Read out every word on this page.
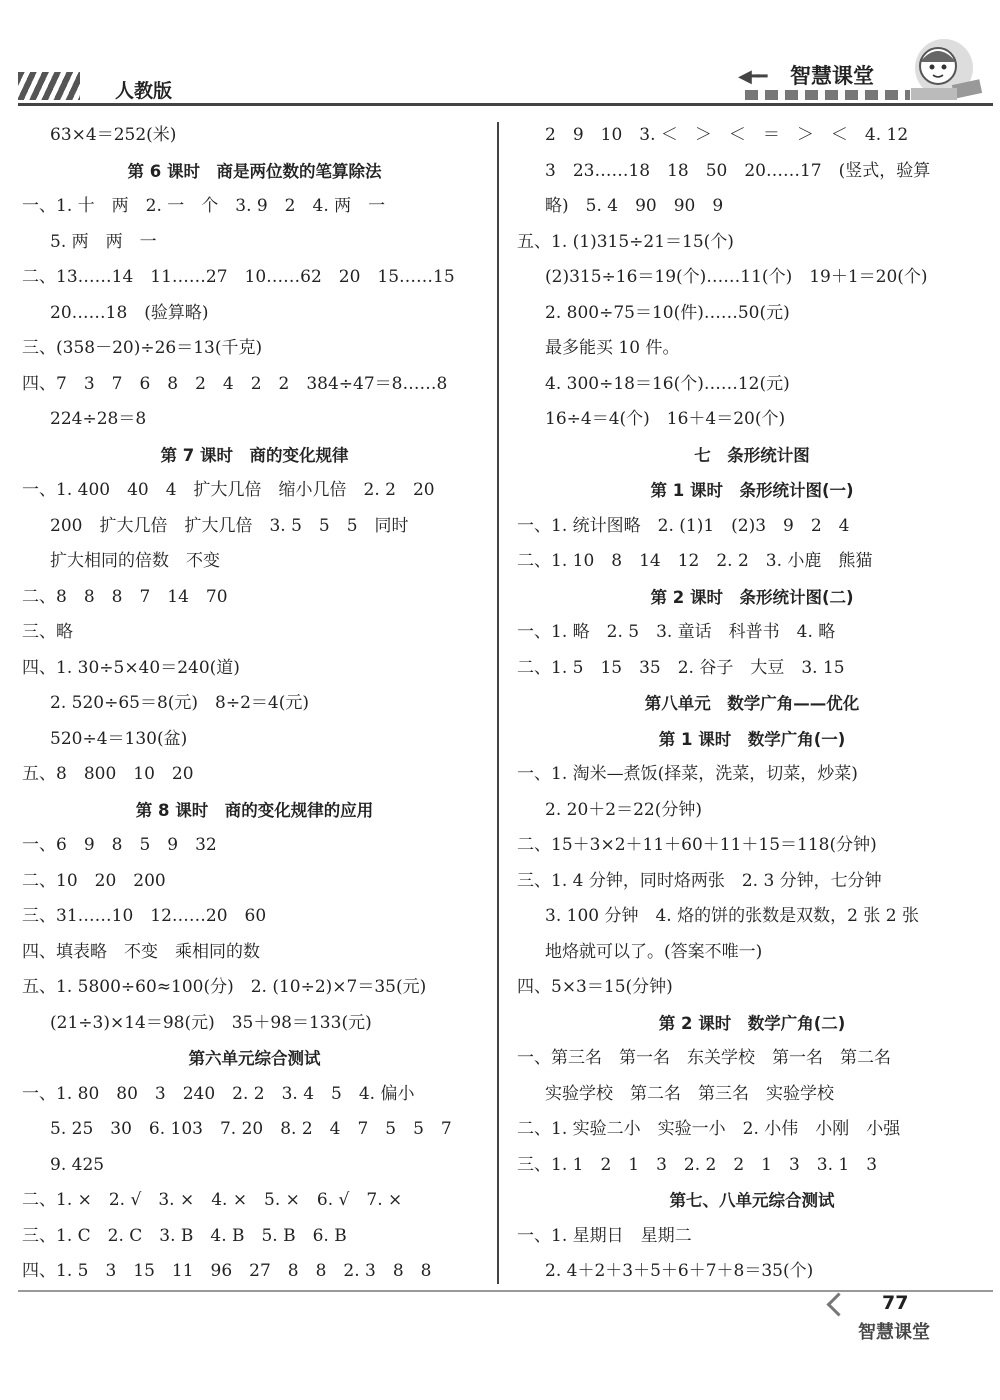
人教版
◀━━ 智慧课堂
63×4＝252(米)
第 6 课时　商是两位数的笔算除法
一、1. 十　两　2. 一　个　3. 9　2　4. 两　一
5. 两　两　一
二、13……14　11……27　10……62　20　15……15
20……18　(验算略)
三、(358－20)÷26＝13(千克)
四、7　3　7　6　8　2　4　2　2　384÷47＝8……8
224÷28＝8
第 7 课时　商的变化规律
一、1. 400　40　4　扩大几倍　缩小几倍　2. 2　20
200　扩大几倍　扩大几倍　3. 5　5　5　同时
扩大相同的倍数　不变
二、8　8　8　7　14　70
三、略
四、1. 30÷5×40＝240(道)
2. 520÷65＝8(元)　8÷2＝4(元)
520÷4＝130(盆)
五、8　800　10　20
第 8 课时　商的变化规律的应用
一、6　9　8　5　9　32
二、10　20　200
三、31……10　12……20　60
四、填表略　不变　乘相同的数
五、1. 5800÷60≈100(分)　2. (10÷2)×7＝35(元)
(21÷3)×14＝98(元)　35＋98＝133(元)
第六单元综合测试
一、1. 80　80　3　240　2. 2　3. 4　5　4. 偏小
5. 25　30　6. 103　7. 20　8. 2　4　7　5　5　7
9. 425
二、1. ×　2. √　3. ×　4. ×　5. ×　6. √　7. ×
三、1. C　2. C　3. B　4. B　5. B　6. B
四、1. 5　3　15　11　96　27　8　8　2. 3　8　8
2　9　10　3. ＜　＞　＜　＝　＞　＜　4. 12
3　23……18　18　50　20……17　(竖式，验算
略)　5. 4　90　90　9
五、1. (1)315÷21＝15(个)
(2)315÷16＝19(个)……11(个)　19＋1＝20(个)
2. 800÷75＝10(件)……50(元)
最多能买 10 件。
4. 300÷18＝16(个)……12(元)
16÷4＝4(个)　16＋4＝20(个)
七　条形统计图
第 1 课时　条形统计图(一)
一、1. 统计图略　2. (1)1　(2)3　9　2　4
二、1. 10　8　14　12　2. 2　3. 小鹿　熊猫
第 2 课时　条形统计图(二)
一、1. 略　2. 5　3. 童话　科普书　4. 略
二、1. 5　15　35　2. 谷子　大豆　3. 15
第八单元　数学广角——优化
第 1 课时　数学广角(一)
一、1. 淘米—煮饭(择菜，洗菜，切菜，炒菜)
2. 20＋2＝22(分钟)
二、15＋3×2＋11＋60＋11＋15＝118(分钟)
三、1. 4 分钟，同时烙两张　2. 3 分钟，七分钟
3. 100 分钟　4. 烙的饼的张数是双数，2 张 2 张
地烙就可以了。(答案不唯一)
四、5×3＝15(分钟)
第 2 课时　数学广角(二)
一、第三名　第一名　东关学校　第一名　第二名
实验学校　第二名　第三名　实验学校
二、1. 实验二小　实验一小　2. 小伟　小刚　小强
三、1. 1　2　1　3　2. 2　2　1　3　3. 1　3
第七、八单元综合测试
一、1. 星期日　星期二
2. 4＋2＋3＋5＋6＋7＋8＝35(个)
77
智慧课堂
